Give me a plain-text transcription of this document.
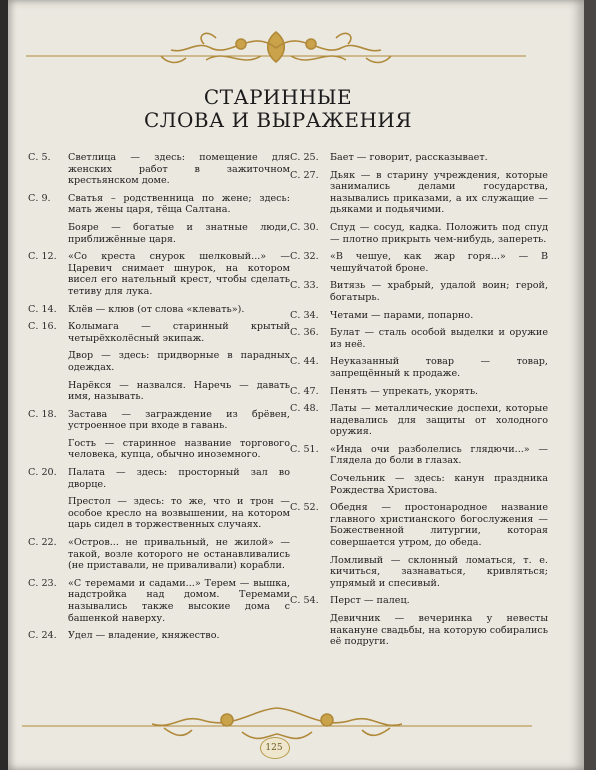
СТАРИННЫЕ
СЛОВА И ВЫРАЖЕНИЯ
С. 5.	Светлица — здесь: помещение для женских работ в зажиточном крестьянском доме.
С. 9.	Сватья – родственница по жене; здесь: мать жены царя, тёща Салтана.
Бояре — богатые и знатные люди, приближённые царя.
С. 12.	«Со креста снурок шелковый...» — Царевич снимает шнурок, на котором висел его нательный крест, чтобы сделать тетиву для лука.
С. 14.	Клёв — клюв (от слова «клевать»).
С. 16.	Колымага — старинный крытый четырёхколёсный экипаж.
Двор — здесь: придворные в парадных одеждах.
Нарёкся — назвался. Наречь — давать имя, называть.
С. 18.	Застава — заграждение из брёвен, устроенное при входе в гавань.
Гость — старинное название торгового человека, купца, обычно иноземного.
С. 20.	Палата — здесь: просторный зал во дворце.
Престол — здесь: то же, что и трон — особое кресло на возвышении, на котором царь сидел в торжественных случаях.
С. 22.	«Остров... не привальный, не жилой» — такой, возле которого не останавливались (не приставали, не приваливали) корабли.
С. 23.	«С теремами и садами...» Терем — вышка, надстройка над домом. Теремами назывались также высокие дома с башенкой наверху.
С. 24.	Удел — владение, княжество.
С. 25.	Бает — говорит, рассказывает.
С. 27.	Дьяк — в старину учреждения, которые занимались делами государства, назывались приказами, а их служащие — дьяками и подьячими.
С. 30.	Спуд — сосуд, кадка. Положить под спуд — плотно прикрыть чем-нибудь, запереть.
С. 32.	«В чешуе, как жар горя...» — В чешуйчатой броне.
С. 33.	Витязь — храбрый, удалой воин; герой, богатырь.
С. 34.	Четами — парами, попарно.
С. 36.	Булат — сталь особой выделки и оружие из неё.
С. 44.	Неуказанный товар — товар, запрещённый к продаже.
С. 47.	Пенять — упрекать, укорять.
С. 48.	Латы — металлические доспехи, которые надевались для защиты от холодного оружия.
С. 51.	«Инда очи разболелись глядючи...» — Глядела до боли в глазах.
Сочельник — здесь: канун праздника Рождества Христова.
С. 52.	Обедня — простонародное название главного христианского богослужения — Божественной литургии, которая совершается утром, до обеда.
Ломливый — склонный ломаться, т. е. кичиться, зазнаваться, кривляться; упрямый и спесивый.
С. 54.	Перст — палец.
Девичник — вечеринка у невесты накануне свадьбы, на которую собирались её подруги.
125
